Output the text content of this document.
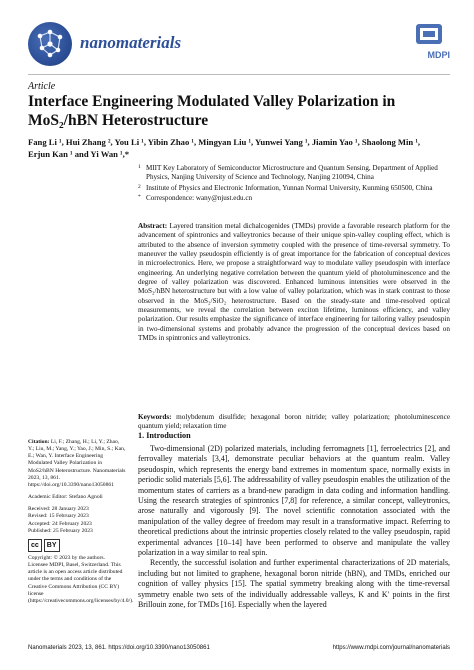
nanomaterials
MDPI
Article
Interface Engineering Modulated Valley Polarization in MoS₂/hBN Heterostructure
Fang Li ¹, Hui Zhang ², You Li ¹, Yibin Zhao ¹, Mingyan Liu ¹, Yunwei Yang ¹, Jiamin Yao ¹, Shaolong Min ¹,
Erjun Kan ¹ and Yi Wan ¹,*
1 MIIT Key Laboratory of Semiconductor Microstructure and Quantum Sensing, Department of Applied Physics, Nanjing University of Science and Technology, Nanjing 210094, China
2 Institute of Physics and Electronic Information, Yunnan Normal University, Kunming 650500, China
* Correspondence: wany@njust.edu.cn

Abstract: Layered transition metal dichalcogenides (TMDs) provide a favorable research platform for the advancement of spintronics and valleytronics because of their unique spin-valley coupling effect, which is attributed to the absence of inversion symmetry coupled with the presence of time-reversal symmetry. To maneuver the valley pseudospin efficiently is of great importance for the fabrication of conceptual devices in microelectronics. Here, we propose a straightforward way to modulate valley pseudospin with interface engineering. An underlying negative correlation between the quantum yield of photoluminescence and the degree of valley polarization was discovered. Enhanced luminous intensities were observed in the MoS₂/hBN heterostructure but with a low value of valley polarization, which was in stark contrast to those observed in the MoS₂/SiO₂ heterostructure. Based on the steady-state and time-resolved optical measurements, we reveal the correlation between exciton lifetime, luminous efficiency, and valley polarization. Our results emphasize the significance of interface engineering for tailoring valley pseudospin in two-dimensional systems and probably advance the progression of the conceptual devices based on TMDs in spintronics and valleytronics.

Keywords: molybdenum disulfide; hexagonal boron nitride; valley polarization; photoluminescence quantum yield; relaxation time

Citation: Li, F.; Zhang, H.; Li, Y.; Zhao, Y.; Liu, M.; Yang, Y.; Yao, J.; Min, S.; Kan, E.; Wan, Y. Interface Engineering Modulated Valley Polarization in MoS2/hBN Heterostructure. Nanomaterials 2023, 13, 861. https://doi.org/10.3390/nano13050861

Academic Editor: Stefano Agnoli

Received: 28 January 2023

Revised: 15 February 2023

Accepted: 24 February 2023

Published: 25 February 2023

cc	BY

Copyright: © 2023 by the authors. Licensee MDPI, Basel, Switzerland. This article is an open access article distributed under the terms and conditions of the Creative Commons Attribution (CC BY) license (https://creativecommons.org/licenses/by/4.0/).

1. Introduction

Two-dimensional (2D) polarized materials, including ferromagnets [1], ferroelectrics [2], and ferrovalley materials [3,4], demonstrate peculiar behaviors at the quantum realm. Valley pseudospin, which represents the energy band extremes in momentum space, normally exists in periodic solid materials [5,6]. The addressability of valley pseudospin enables the utilization of the momentum states of carriers as a brand-new paradigm in data coding and information handling. Using the research strategies of spintronics [7,8] for reference, a similar concept, valleytronics, arose naturally and vigorously [9]. The novel scientific connotation associated with the manipulation of the valley degree of freedom may result in a transformative impact. Referring to theoretical predictions about the intrinsic properties closely related to the valley pseudospin, rapid experimental advances [10–14] have been performed to observe and manipulate the valley polarization in a way similar to real spin.

Recently, the successful isolation and further experimental characterizations of 2D materials, including but not limited to graphene, hexagonal boron nitride (hBN), and TMDs, enriched our cognition of valley physics [15]. The spatial symmetry breaking along with the time-reversal symmetry enable two sets of the individually addressable valleys, K and K′ points in the first Brillouin zone, for TMDs [16]. Especially when the layered

Nanomaterials 2023, 13, 861. https://doi.org/10.3390/nano13050861	https://www.mdpi.com/journal/nanomaterials
